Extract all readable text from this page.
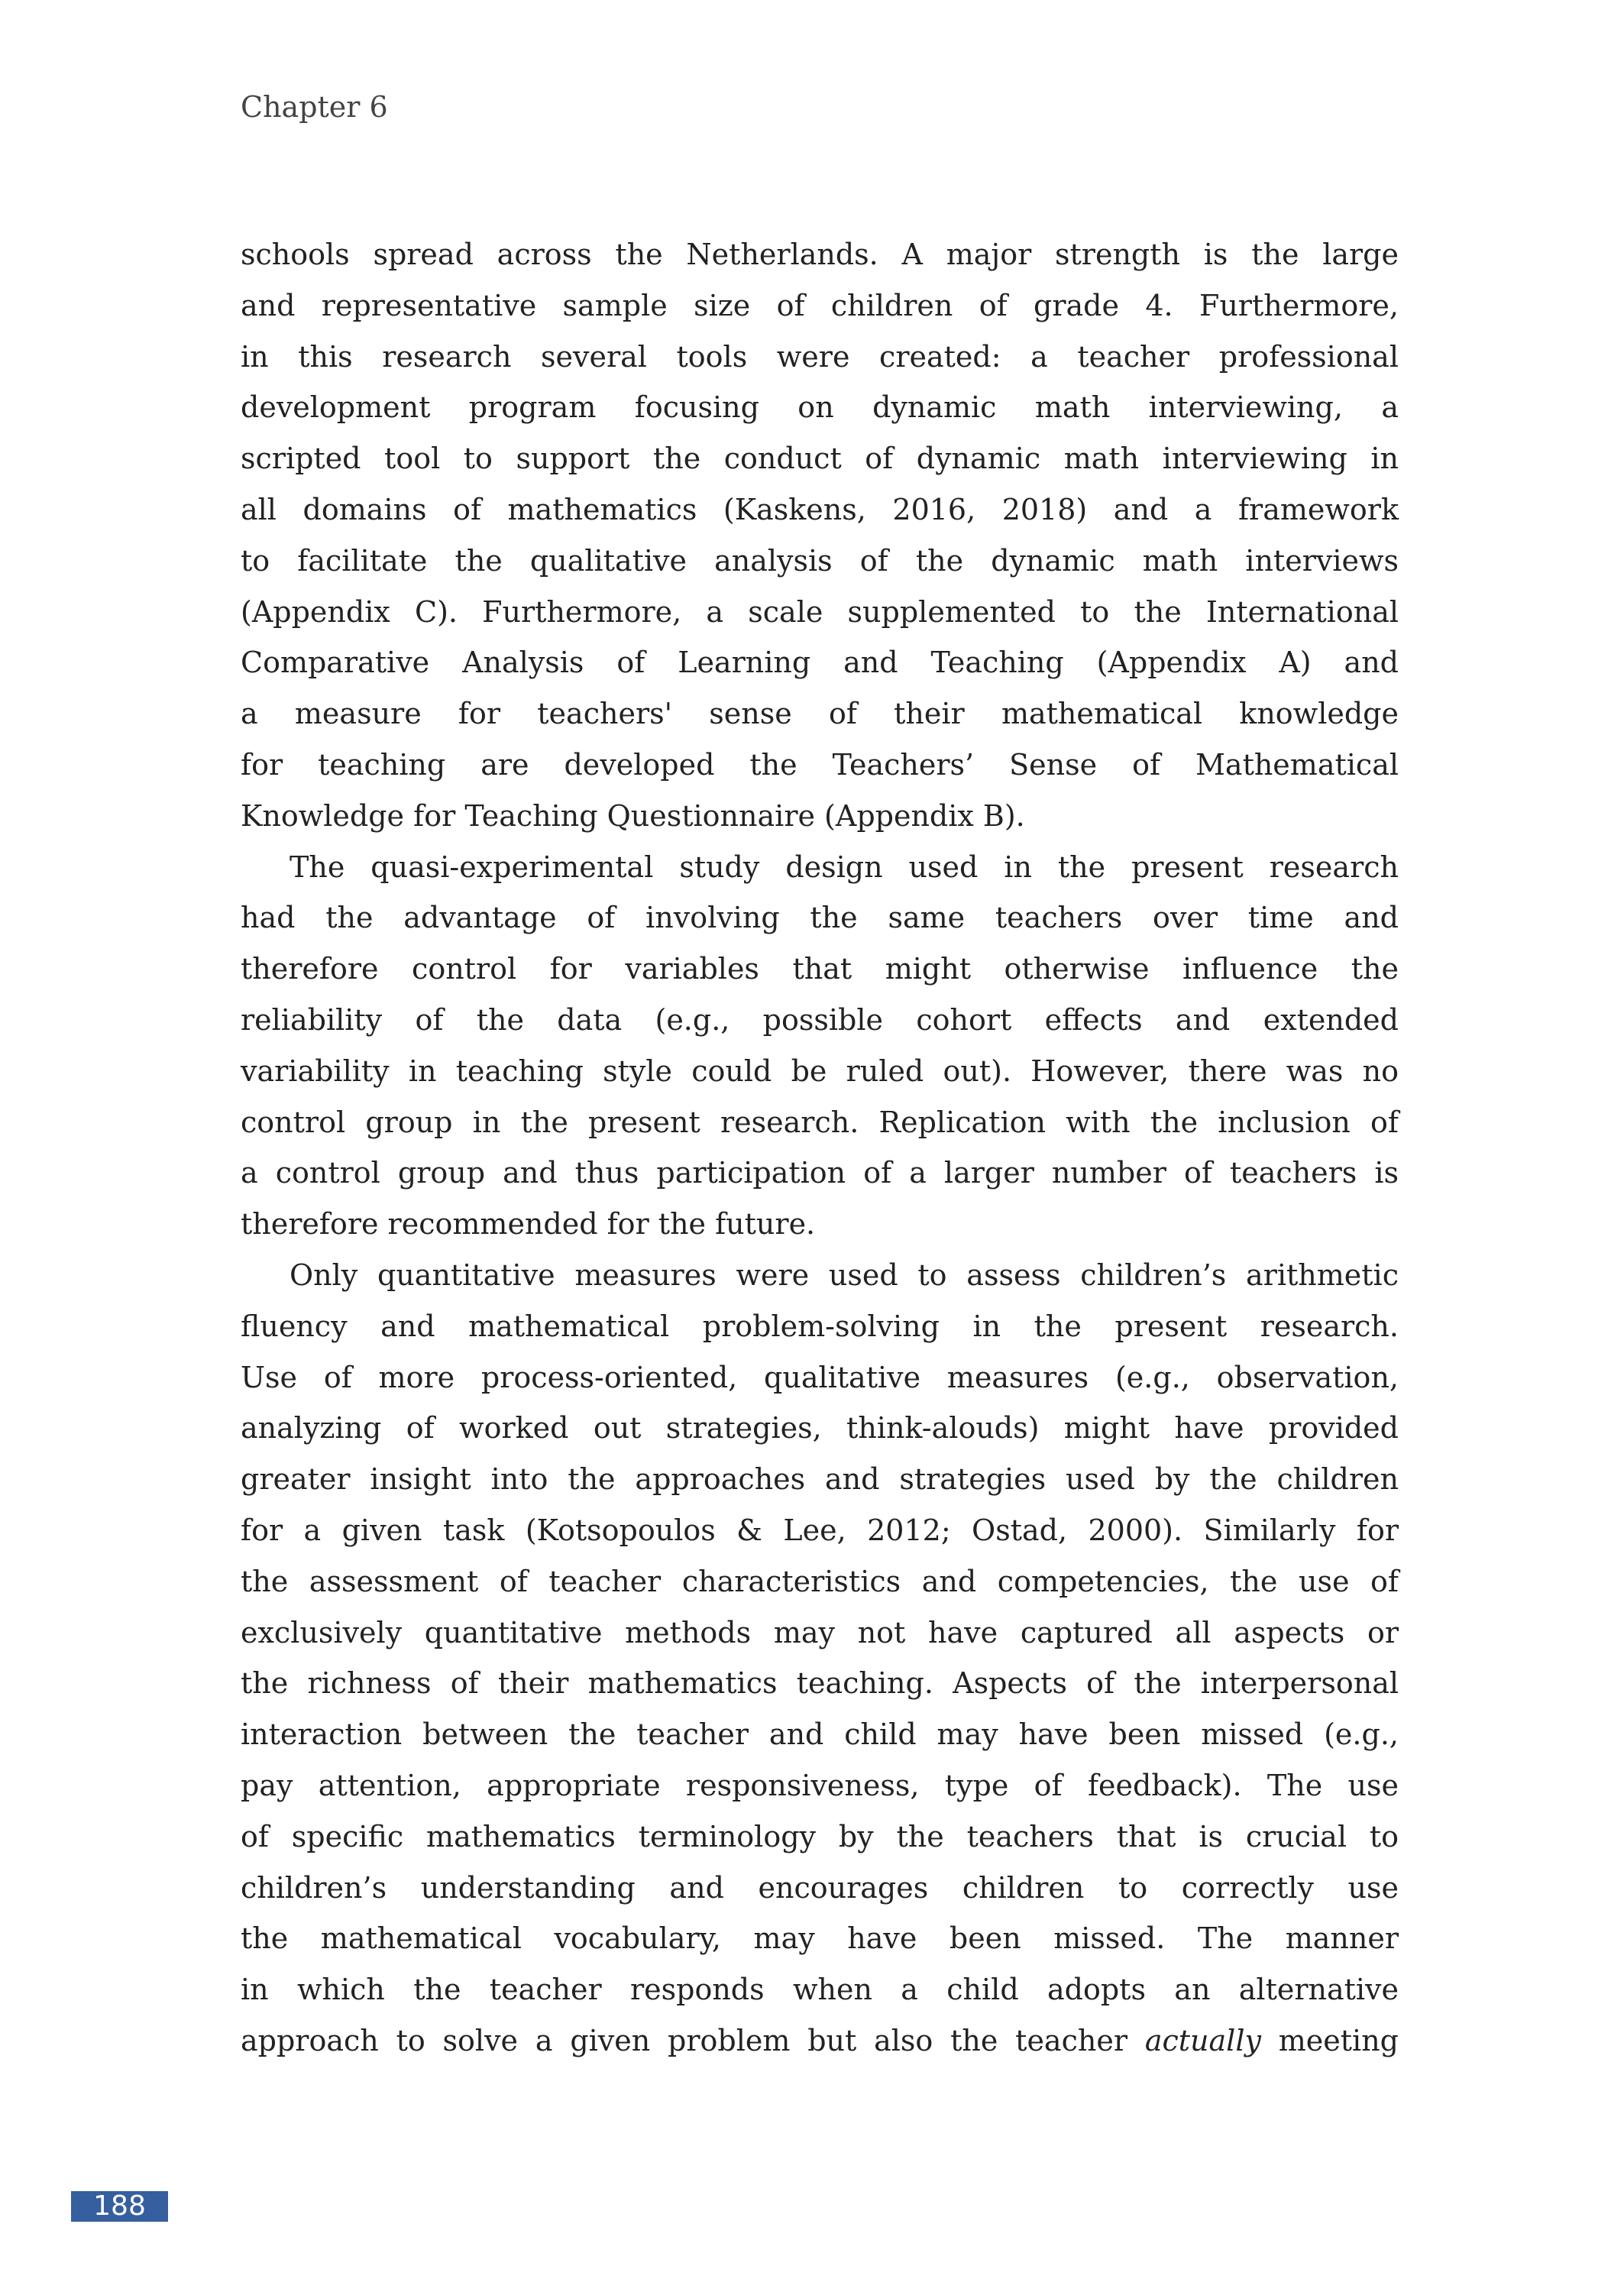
Chapter 6
schools spread across the Netherlands. A major strength is the large
and representative sample size of children of grade 4. Furthermore,
in this research several tools were created: a teacher professional
development program focusing on dynamic math interviewing, a
scripted tool to support the conduct of dynamic math interviewing in
all domains of mathematics (Kaskens, 2016, 2018) and a framework
to facilitate the qualitative analysis of the dynamic math interviews
(Appendix C). Furthermore, a scale supplemented to the International
Comparative Analysis of Learning and Teaching (Appendix A) and
a measure for teachers' sense of their mathematical knowledge
for teaching are developed the Teachers’ Sense of Mathematical
Knowledge for Teaching Questionnaire (Appendix B).
The quasi-experimental study design used in the present research
had the advantage of involving the same teachers over time and
therefore control for variables that might otherwise influence the
reliability of the data (e.g., possible cohort effects and extended
variability in teaching style could be ruled out). However, there was no
control group in the present research. Replication with the inclusion of
a control group and thus participation of a larger number of teachers is
therefore recommended for the future.
Only quantitative measures were used to assess children’s arithmetic
fluency and mathematical problem-solving in the present research.
Use of more process-oriented, qualitative measures (e.g., observation,
analyzing of worked out strategies, think-alouds) might have provided
greater insight into the approaches and strategies used by the children
for a given task (Kotsopoulos & Lee, 2012; Ostad, 2000). Similarly for
the assessment of teacher characteristics and competencies, the use of
exclusively quantitative methods may not have captured all aspects or
the richness of their mathematics teaching. Aspects of the interpersonal
interaction between the teacher and child may have been missed (e.g.,
pay attention, appropriate responsiveness, type of feedback). The use
of specific mathematics terminology by the teachers that is crucial to
children’s understanding and encourages children to correctly use
the mathematical vocabulary, may have been missed. The manner
in which the teacher responds when a child adopts an alternative
approach to solve a given problem but also the teacher actually meeting
188
